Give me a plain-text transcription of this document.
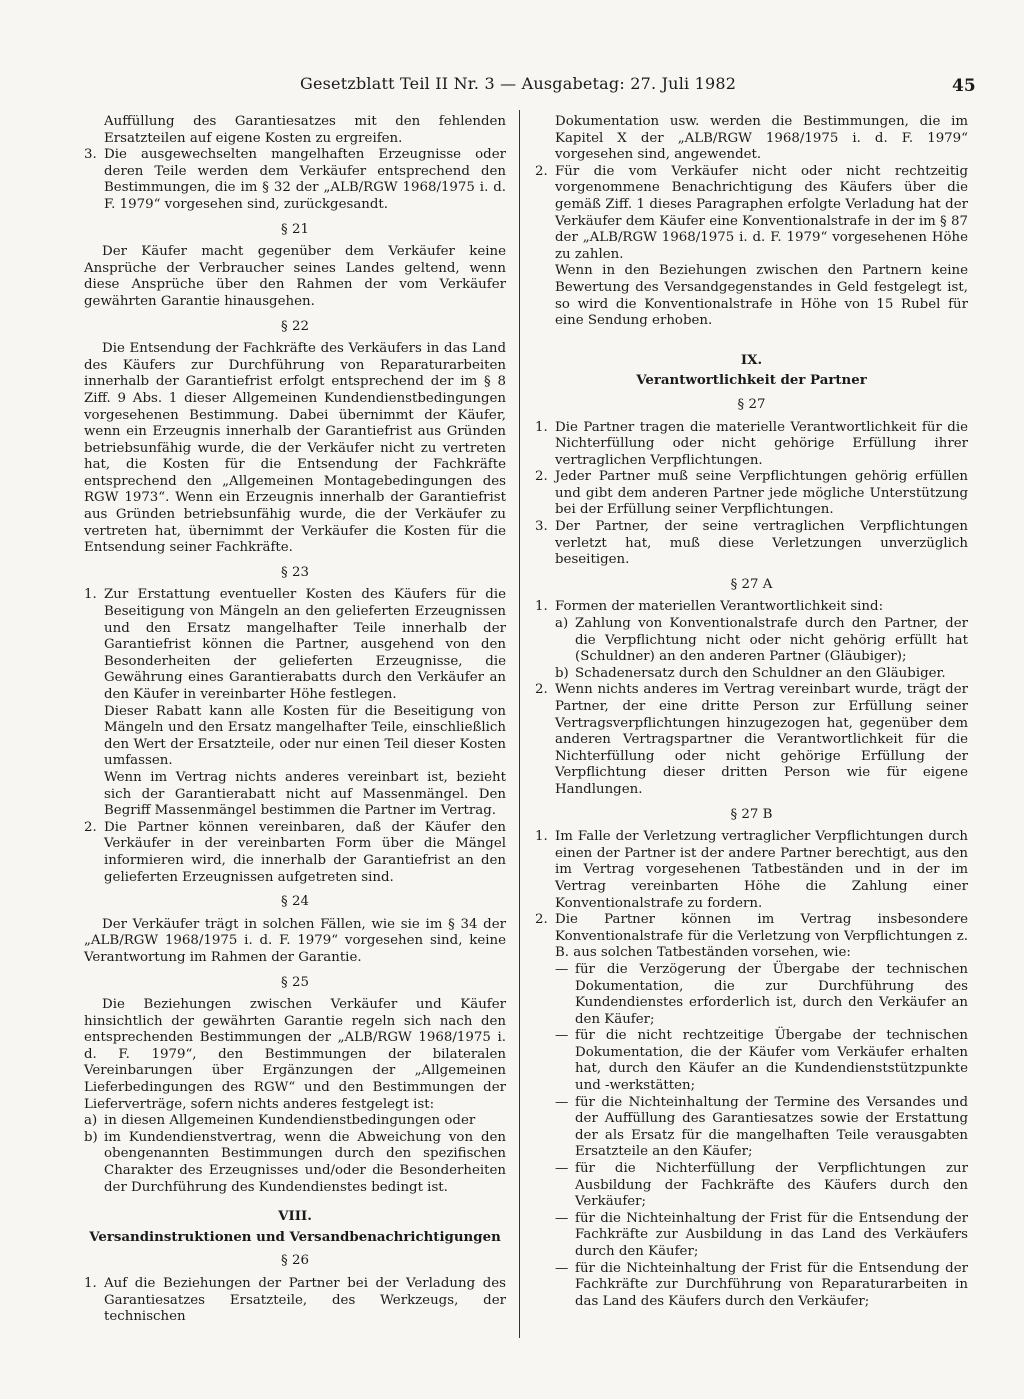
Gesetzblatt Teil II Nr. 3 — Ausgabetag: 27. Juli 1982	45

Auffüllung des Garantiesatzes mit den fehlenden Ersatzteilen auf eigene Kosten zu ergreifen.

3. Die ausgewechselten mangelhaften Erzeugnisse oder deren Teile werden dem Verkäufer entsprechend den Bestimmungen, die im § 32 der „ALB/RGW 1968/1975 i. d. F. 1979“ vorgesehen sind, zurückgesandt.

§ 21

Der Käufer macht gegenüber dem Verkäufer keine Ansprüche der Verbraucher seines Landes geltend, wenn diese Ansprüche über den Rahmen der vom Verkäufer gewährten Garantie hinausgehen.

§ 22

Die Entsendung der Fachkräfte des Verkäufers in das Land des Käufers zur Durchführung von Reparaturarbeiten innerhalb der Garantiefrist erfolgt entsprechend der im § 8 Ziff. 9 Abs. 1 dieser Allgemeinen Kundendienstbedingungen vorgesehenen Bestimmung. Dabei übernimmt der Käufer, wenn ein Erzeugnis innerhalb der Garantiefrist aus Gründen betriebsunfähig wurde, die der Verkäufer nicht zu vertreten hat, die Kosten für die Entsendung der Fachkräfte entsprechend den „Allgemeinen Montagebedingungen des RGW 1973“. Wenn ein Erzeugnis innerhalb der Garantiefrist aus Gründen betriebsunfähig wurde, die der Verkäufer zu vertreten hat, übernimmt der Verkäufer die Kosten für die Entsendung seiner Fachkräfte.

§ 23

1. Zur Erstattung eventueller Kosten des Käufers für die Beseitigung von Mängeln an den gelieferten Erzeugnissen und den Ersatz mangelhafter Teile innerhalb der Garantiefrist können die Partner, ausgehend von den Besonderheiten der gelieferten Erzeugnisse, die Gewährung eines Garantierabatts durch den Verkäufer an den Käufer in vereinbarter Höhe festlegen.

Dieser Rabatt kann alle Kosten für die Beseitigung von Mängeln und den Ersatz mangelhafter Teile, einschließlich den Wert der Ersatzteile, oder nur einen Teil dieser Kosten umfassen.

Wenn im Vertrag nichts anderes vereinbart ist, bezieht sich der Garantierabatt nicht auf Massenmängel. Den Begriff Massenmängel bestimmen die Partner im Vertrag.

2. Die Partner können vereinbaren, daß der Käufer den Verkäufer in der vereinbarten Form über die Mängel informieren wird, die innerhalb der Garantiefrist an den gelieferten Erzeugnissen aufgetreten sind.

§ 24

Der Verkäufer trägt in solchen Fällen, wie sie im § 34 der „ALB/RGW 1968/1975 i. d. F. 1979“ vorgesehen sind, keine Verantwortung im Rahmen der Garantie.

§ 25

Die Beziehungen zwischen Verkäufer und Käufer hinsichtlich der gewährten Garantie regeln sich nach den entsprechenden Bestimmungen der „ALB/RGW 1968/1975 i. d. F. 1979“, den Bestimmungen der bilateralen Vereinbarungen über Ergänzungen der „Allgemeinen Lieferbedingungen des RGW“ und den Bestimmungen der Lieferverträge, sofern nichts anderes festgelegt ist:

a) in diesen Allgemeinen Kundendienstbedingungen oder

b) im Kundendienstvertrag, wenn die Abweichung von den obengenannten Bestimmungen durch den spezifischen Charakter des Erzeugnisses und/oder die Besonderheiten der Durchführung des Kundendienstes bedingt ist.

VIII.
Versandinstruktionen und Versandbenachrichtigungen
§ 26

1. Auf die Beziehungen der Partner bei der Verladung des Garantiesatzes Ersatzteile, des Werkzeugs, der technischen

Dokumentation usw. werden die Bestimmungen, die im Kapitel X der „ALB/RGW 1968/1975 i. d. F. 1979“ vorgesehen sind, angewendet.

2. Für die vom Verkäufer nicht oder nicht rechtzeitig vorgenommene Benachrichtigung des Käufers über die gemäß Ziff. 1 dieses Paragraphen erfolgte Verladung hat der Verkäufer dem Käufer eine Konventionalstrafe in der im § 87 der „ALB/RGW 1968/1975 i. d. F. 1979“ vorgesehenen Höhe zu zahlen.

Wenn in den Beziehungen zwischen den Partnern keine Bewertung des Versandgegenstandes in Geld festgelegt ist, so wird die Konventionalstrafe in Höhe von 15 Rubel für eine Sendung erhoben.

IX.
Verantwortlichkeit der Partner
§ 27

1. Die Partner tragen die materielle Verantwortlichkeit für die Nichterfüllung oder nicht gehörige Erfüllung ihrer vertraglichen Verpflichtungen.

2. Jeder Partner muß seine Verpflichtungen gehörig erfüllen und gibt dem anderen Partner jede mögliche Unterstützung bei der Erfüllung seiner Verpflichtungen.

3. Der Partner, der seine vertraglichen Verpflichtungen verletzt hat, muß diese Verletzungen unverzüglich beseitigen.

§ 27 A

1. Formen der materiellen Verantwortlichkeit sind:

a) Zahlung von Konventionalstrafe durch den Partner, der die Verpflichtung nicht oder nicht gehörig erfüllt hat (Schuldner) an den anderen Partner (Gläubiger);

b) Schadenersatz durch den Schuldner an den Gläubiger.

2. Wenn nichts anderes im Vertrag vereinbart wurde, trägt der Partner, der eine dritte Person zur Erfüllung seiner Vertragsverpflichtungen hinzugezogen hat, gegenüber dem anderen Vertragspartner die Verantwortlichkeit für die Nichterfüllung oder nicht gehörige Erfüllung der Verpflichtung dieser dritten Person wie für eigene Handlungen.

§ 27 B

1. Im Falle der Verletzung vertraglicher Verpflichtungen durch einen der Partner ist der andere Partner berechtigt, aus den im Vertrag vorgesehenen Tatbeständen und in der im Vertrag vereinbarten Höhe die Zahlung einer Konventionalstrafe zu fordern.

2. Die Partner können im Vertrag insbesondere Konventionalstrafe für die Verletzung von Verpflichtungen z. B. aus solchen Tatbeständen vorsehen, wie:

— für die Verzögerung der Übergabe der technischen Dokumentation, die zur Durchführung des Kundendienstes erforderlich ist, durch den Verkäufer an den Käufer;

— für die nicht rechtzeitige Übergabe der technischen Dokumentation, die der Käufer vom Verkäufer erhalten hat, durch den Käufer an die Kundendienststützpunkte und -werkstätten;

— für die Nichteinhaltung der Termine des Versandes und der Auffüllung des Garantiesatzes sowie der Erstattung der als Ersatz für die mangelhaften Teile verausgabten Ersatzteile an den Käufer;

— für die Nichterfüllung der Verpflichtungen zur Ausbildung der Fachkräfte des Käufers durch den Verkäufer;

— für die Nichteinhaltung der Frist für die Entsendung der Fachkräfte zur Ausbildung in das Land des Verkäufers durch den Käufer;

— für die Nichteinhaltung der Frist für die Entsendung der Fachkräfte zur Durchführung von Reparaturarbeiten in das Land des Käufers durch den Verkäufer;
